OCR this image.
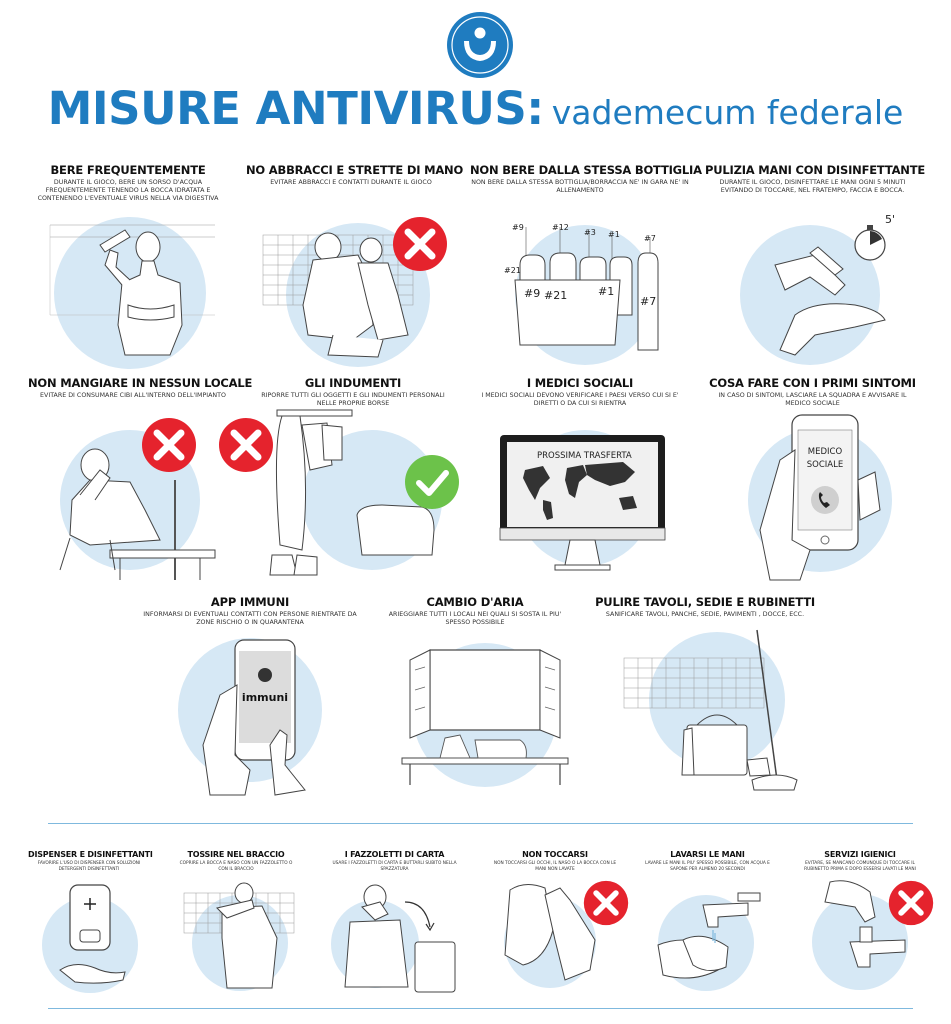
MISURE ANTIVIRUS: vademecum federale
BERE FREQUENTEMENTE

DURANTE IL GIOCO, BERE UN SORSO D'ACQUA FREQUENTEMENTE TENENDO LA BOCCA IDRATATA E CONTENENDO L'EVENTUALE VIRUS NELLA VIA DIGESTIVA

NO ABBRACCI E STRETTE DI MANO

EVITARE ABBRACCI E CONTATTI DURANTE IL GIOCO

NON BERE DALLA STESSA BOTTIGLIA

NON BERE DALLA STESSA BOTTIGLIA/BORRACCIA NE' IN GARA NE' IN ALLENAMENTO

PULIZIA MANI CON DISINFETTANTE

DURANTE IL GIOCO, DISINFETTARE LE MANI OGNI 5 MINUTI EVITANDO DI TOCCARE, NEL FRATEMPO, FACCIA E BOCCA.

#9	#12
#3 #1	#7
#21
#9 #21	#1
#7
5'
NON MANGIARE IN NESSUN LOCALE

EVITARE DI CONSUMARE CIBI ALL'INTERNO DELL'IMPIANTO

GLI INDUMENTI

RIPORRE TUTTI GLI OGGETTI E GLI INDUMENTI PERSONALI NELLE PROPRIE BORSE

I MEDICI SOCIALI

I MEDICI SOCIALI DEVONO VERIFICARE I PAESI VERSO CUI SI E' DIRETTI O DA CUI SI RIENTRA

COSA FARE CON I PRIMI SINTOMI

IN CASO DI SINTOMI, LASCIARE LA SQUADRA E AVVISARE IL MEDICO SOCIALE

PROSSIMA TRASFERTA	MEDICO
SOCIALE
APP IMMUNI

INFORMARSI DI EVENTUALI CONTATTI CON PERSONE RIENTRATE DA ZONE RISCHIO O IN QUARANTENA

CAMBIO D'ARIA

ARIEGGIARE TUTTI I LOCALI NEI QUALI SI SOSTA IL PIU' SPESSO POSSIBILE

PULIRE TAVOLI, SEDIE E RUBINETTI

SANIFICARE TAVOLI, PANCHE, SEDIE, PAVIMENTI , DOCCE, ECC.

immuni
DISPENSER E DISINFETTANTI

FAVORIRE L'USO DI DISPENSER CON SOLUZIONI DETERGENTI DISINFETTANTI

TOSSIRE NEL BRACCIO

COPRIRE LA BOCCA E NASO CON UN FAZZOLETTO O CON IL BRACCIO

I FAZZOLETTI DI CARTA

USARE I FAZZOLETTI DI CARTA E BUTTARLI SUBITO NELLA SPAZZATURA

NON TOCCARSI

NON TOCCARSI GLI OCCHI, IL NASO O LA BOCCA CON LE MANI NON LAVATE

LAVARSI LE MANI

LAVARE LE MANI IL PIU' SPESSO POSSIBILE, CON ACQUA E SAPONE PER ALMENO 20 SECONDI

SERVIZI IGIENICI

EVITARE, SE MANCANO COMUNQUE DI TOCCARE IL RUBINETTO PRIMA E DOPO ESSERSI LAVATI LE MANI
